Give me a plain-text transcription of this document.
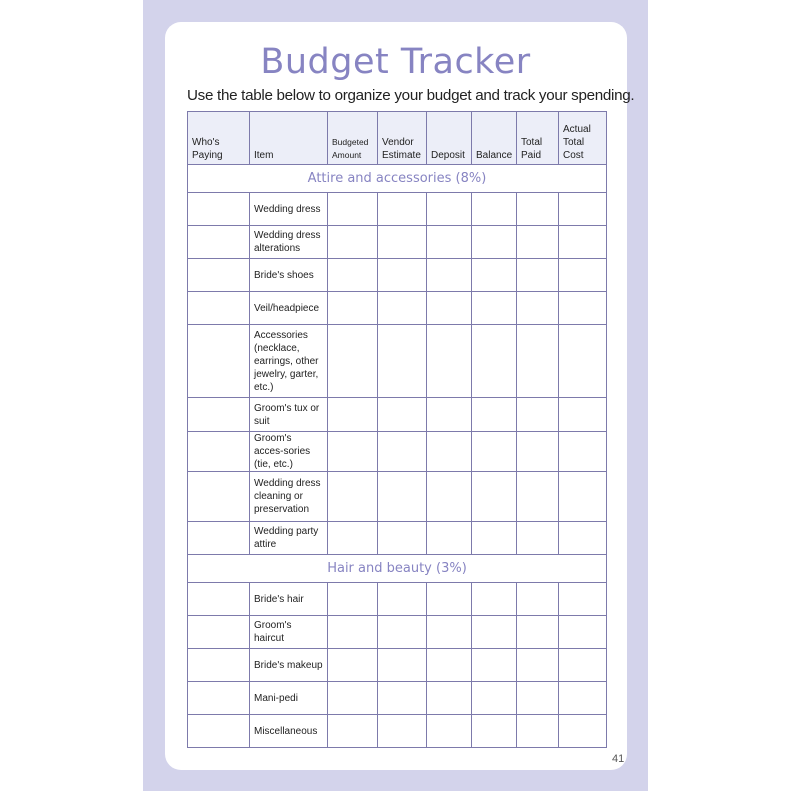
Budget Tracker
Use the table below to organize your budget and track your spending.
Who's Paying	Item	Budgeted Amount	Vendor Estimate	Deposit	Balance	Total Paid	Actual Total Cost
Attire and accessories (8%)							
	Wedding dress						
	Wedding dress alterations						
	Bride's shoes						
	Veil/headpiece						
	Accessories (necklace, earrings, other jewelry, garter, etc.)						
	Groom's tux or suit						
	Groom's acces-sories (tie, etc.)						
	Wedding dress cleaning or preservation						
	Wedding party attire						
Hair and beauty (3%)							
	Bride's hair						
	Groom's haircut						
	Bride's makeup						
	Mani-pedi						
	Miscellaneous						
41
